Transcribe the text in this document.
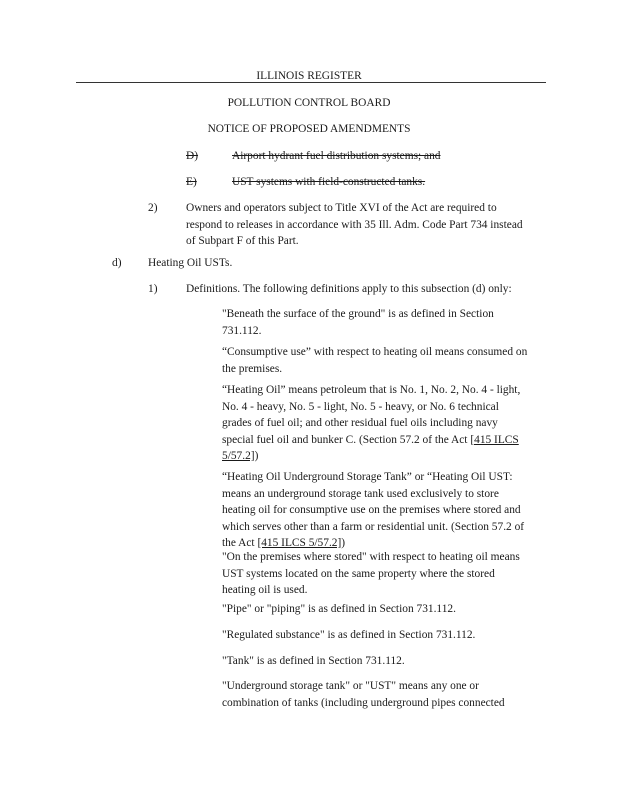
ILLINOIS REGISTER

POLLUTION CONTROL BOARD

NOTICE OF PROPOSED AMENDMENTS

D)	Airport hydrant fuel distribution systems; and

E)	UST systems with field-constructed tanks.

2)	Owners and operators subject to Title XVI of the Act are required to
respond to releases in accordance with 35 Ill. Adm. Code Part 734 instead
of Subpart F of this Part.

d) Heating Oil USTs.

1)	Definitions. The following definitions apply to this subsection (d) only:

"Beneath the surface of the ground" is as defined in Section
731.112.
“Consumptive use” with respect to heating oil means consumed on
the premises.
“Heating Oil” means petroleum that is No. 1, No. 2, No. 4 - light,
No. 4 - heavy, No. 5 - light, No. 5 - heavy, or No. 6 technical
grades of fuel oil; and other residual fuel oils including navy
special fuel oil and bunker C. (Section 57.2 of the Act [415 ILCS
5/57.2])
“Heating Oil Underground Storage Tank” or “Heating Oil UST:
means an underground storage tank used exclusively to store
heating oil for consumptive use on the premises where stored and
which serves other than a farm or residential unit. (Section 57.2 of
the Act [415 ILCS 5/57.2])
"On the premises where stored" with respect to heating oil means
UST systems located on the same property where the stored
heating oil is used.

"Pipe" or "piping" is as defined in Section 731.112.

"Regulated substance" is as defined in Section 731.112.

"Tank" is as defined in Section 731.112.

"Underground storage tank" or "UST" means any one or
combination of tanks (including underground pipes connected
